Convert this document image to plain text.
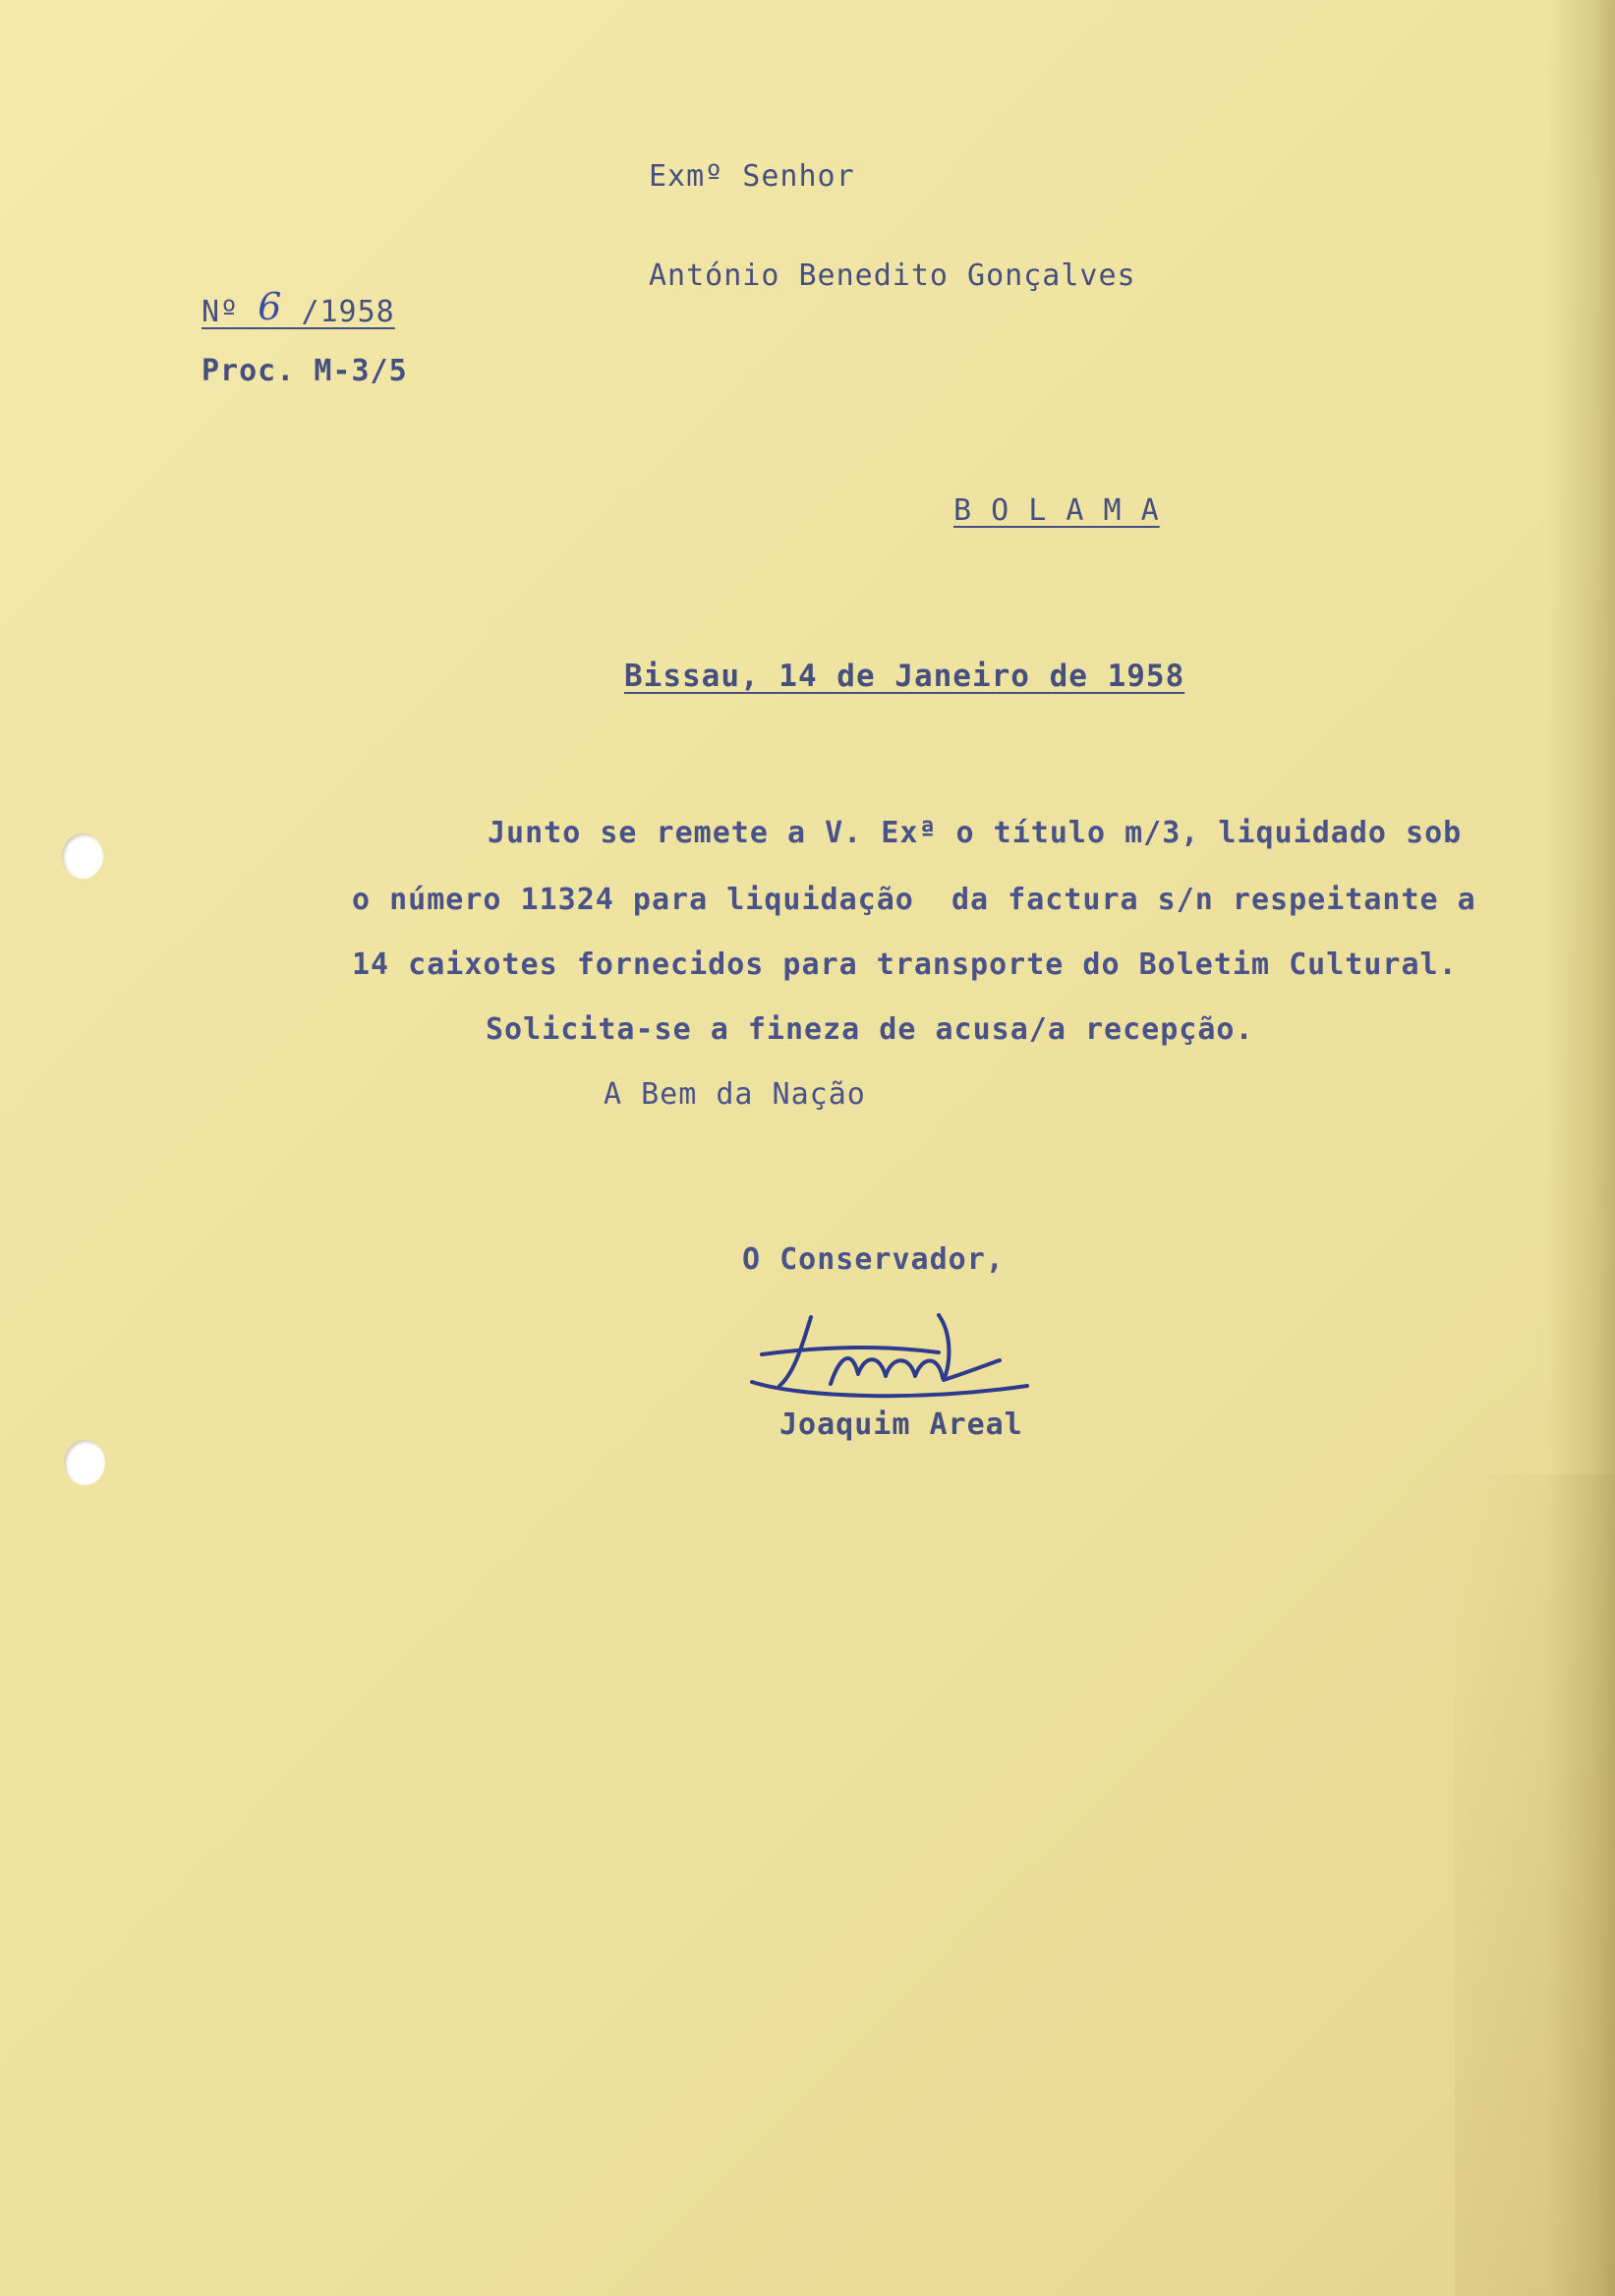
Exmº Senhor
António Benedito Gonçalves
Nº 6 /1958
Proc. M-3/5
B O L A M A
Bissau, 14 de Janeiro de 1958
Junto se remete a V. Exª o título m/3, liquidado sob
o número 11324 para liquidação  da factura s/n respeitante a
14 caixotes fornecidos para transporte do Boletim Cultural.
Solicita-se a fineza de acusa/a recepção.
A Bem da Nação
O Conservador,
Joaquim Areal
